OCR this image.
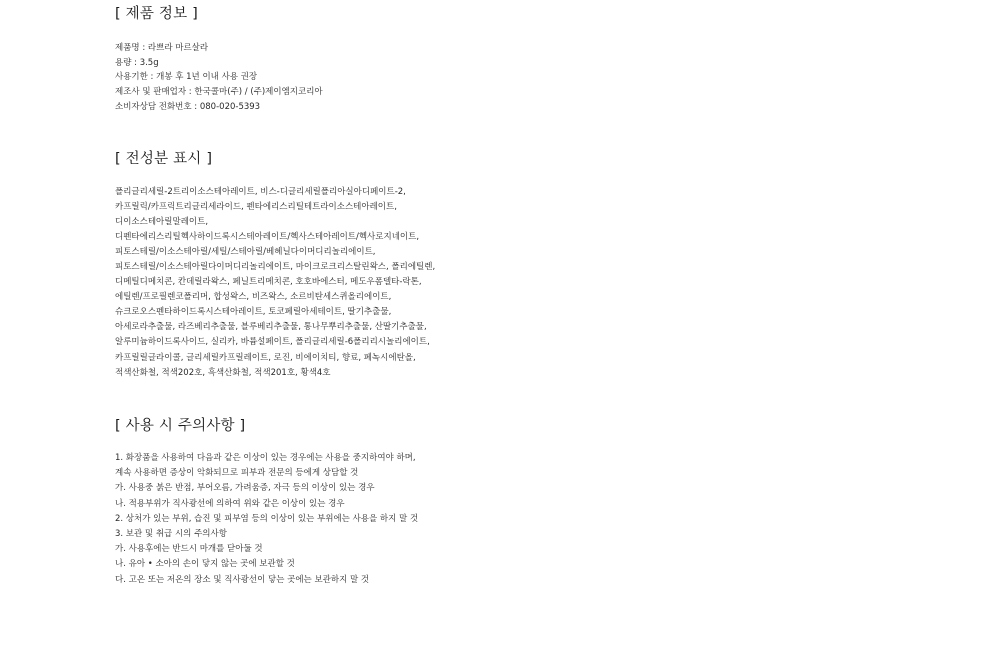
[ 제품 정보 ]
제품명 : 라쁘라 마르살라
용량 : 3.5g
사용기한 : 개봉 후 1년 이내 사용 권장
제조사 및 판매업자 : 한국콜마(주) / (주)제이엠지코리아
소비자상담 전화번호 : 080-020-5393
[ 전성분 표시 ]
폴리글리세릴-2트리이소스테아레이트, 비스-디글리세릴폴리아실아디페이트-2,
카프릴릭/카프릭트리글리세라이드, 펜타에리스리틸테트라이소스테아레이트,
디이소스테아릴말레이트,
디펜타에리스리틸헥사하이드록시스테아레이트/헥사스테아레이트/헥사로지네이트,
피토스테릴/이소스테아릴/세틸/스테아릴/베헤닐다이머디리놀리에이트,
피토스테릴/이소스테아릴다이머디리놀리에이트, 마이크로크리스탈린왁스, 폴리에틸렌,
디메틸디메치콘, 칸데릴라왁스, 페닐트리메치콘, 호호바에스터, 메도우폼델타-락톤,
에틸렌/프로필렌코폴리머, 합성왁스, 비즈왁스, 소르비탄세스퀴올리에이트,
슈크로오스펜타하이드록시스테아레이트, 토코페릴아세테이트, 딸기추출물,
아세로라추출물, 라즈베리추출물, 블루베리추출물, 통나무뿌리추출물, 산딸기추출물,
알루미늄하이드록사이드, 실리카, 바륨설페이트, 폴리글리세릴-6폴리리시놀리에이트,
카프릴릴글라이콜, 글리세릴카프릴레이트, 로진, 비에이치티, 향료, 페녹시에탄올,
적색산화철, 적색202호, 흑색산화철, 적색201호, 황색4호
[ 사용 시 주의사항 ]
1. 화장품을 사용하여 다음과 같은 이상이 있는 경우에는 사용을 중지하여야 하며,
계속 사용하면 증상이 악화되므로 피부과 전문의 등에게 상담할 것
가. 사용중 붉은 반점, 부어오름, 가려움증, 자극 등의 이상이 있는 경우
나. 적용부위가 직사광선에 의하여 위와 같은 이상이 있는 경우
2. 상처가 있는 부위, 습진 및 피부염 등의 이상이 있는 부위에는 사용을 하지 말 것
3. 보관 및 취급 시의 주의사항
가. 사용후에는 반드시 마개를 닫아둘 것
나. 유아 • 소아의 손이 닿지 않는 곳에 보관할 것
다. 고온 또는 저온의 장소 및 직사광선이 닿는 곳에는 보관하지 말 것
